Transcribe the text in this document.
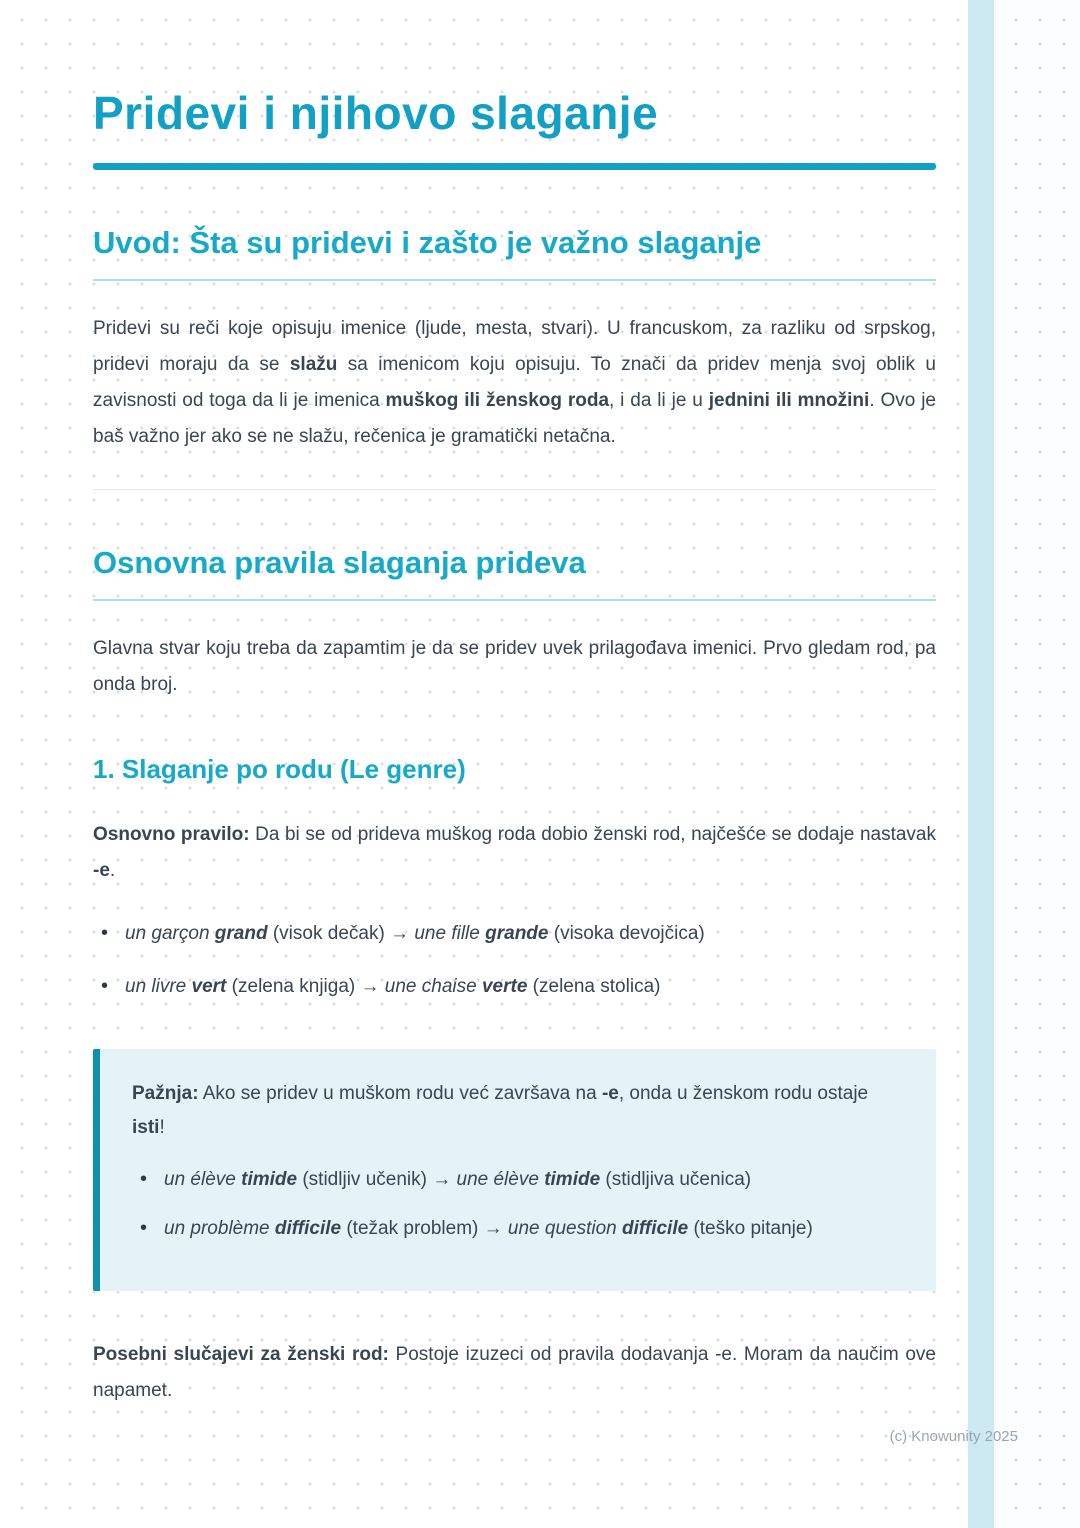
Pridevi i njihovo slaganje
Uvod: Šta su pridevi i zašto je važno slaganje

Pridevi su reči koje opisuju imenice (ljude, mesta, stvari). U francuskom, za razliku od srpskog, pridevi moraju da se slažu sa imenicom koju opisuju. To znači da pridev menja svoj oblik u zavisnosti od toga da li je imenica muškog ili ženskog roda, i da li je u jednini ili množini. Ovo je baš važno jer ako se ne slažu, rečenica je gramatički netačna.

Osnovna pravila slaganja prideva

Glavna stvar koju treba da zapamtim je da se pridev uvek prilagođava imenici. Prvo gledam rod, pa onda broj.

1. Slaganje po rodu (Le genre)

Osnovno pravilo: Da bi se od prideva muškog roda dobio ženski rod, najčešće se dodaje nastavak -e.

• un garçon grand (visok dečak) → une fille grande (visoka devojčica)
• un livre vert (zelena knjiga) → une chaise verte (zelena stolica)

Pažnja: Ako se pridev u muškom rodu već završava na -e, onda u ženskom rodu ostaje isti!

• un élève timide (stidljiv učenik) → une élève timide (stidljiva učenica)
• un problème difficile (težak problem) → une question difficile (teško pitanje)

Posebni slučajevi za ženski rod: Postoje izuzeci od pravila dodavanja -e. Moram da naučim ove napamet.

(c) Knowunity 2025
